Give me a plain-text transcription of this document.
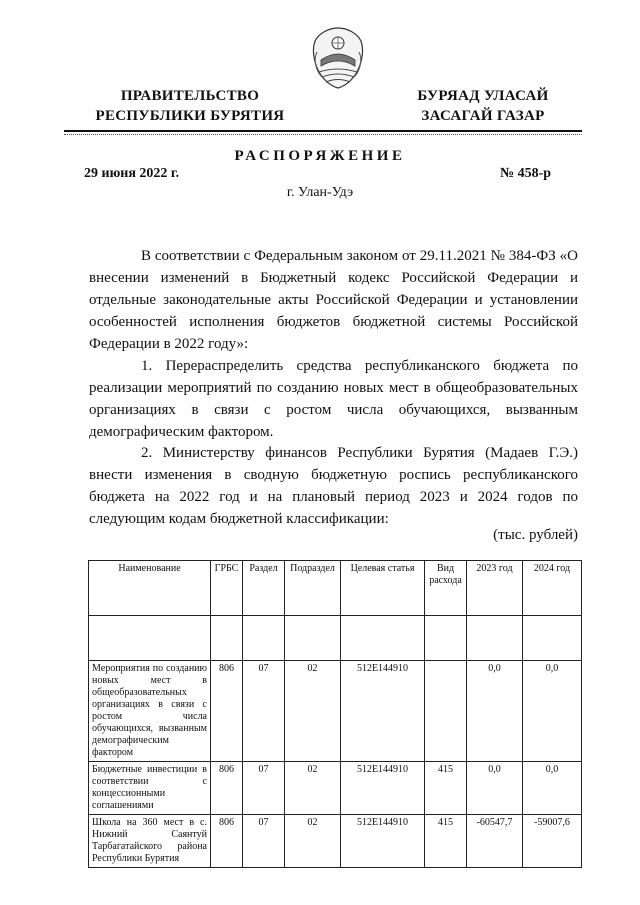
ПРАВИТЕЛЬСТВО
РЕСПУБЛИКИ БУРЯТИЯ
БУРЯАД УЛАСАЙ
ЗАСАГАЙ ГАЗАР
РАСПОРЯЖЕНИЕ
29 июня 2022 г.	№ 458-р
г. Улан-Удэ

В соответствии с Федеральным законом от 29.11.2021 № 384-ФЗ «О внесении изменений в Бюджетный кодекс Российской Федерации и отдельные законодательные акты Российской Федерации и установлении особенностей исполнения бюджетов бюджетной системы Российской Федерации в 2022 году»:

1. Перераспределить средства республиканского бюджета по реализации мероприятий по созданию новых мест в общеобразовательных организациях в связи с ростом числа обучающихся, вызванным демографическим фактором.

2. Министерству финансов Республики Бурятия (Мадаев Г.Э.) внести изменения в сводную бюджетную роспись республиканского бюджета на 2022 год и на плановый период 2023 и 2024 годов по следующим кодам бюджетной классификации:

(тыс. рублей)
Наименование	ГРБС	Раздел	Подраздел	Целевая статья	Вид расхода	2023 год	2024 год

Мероприятия по созданию новых мест в общеобразовательных организациях в связи с ростом числа обучающихся, вызванным демографическим фактором	806	07	02	512Е144910		0,0	0,0
Бюджетные инвестиции в соответствии с концессионными соглашениями	806	07	02	512Е144910	415	0,0	0,0
Школа на 360 мест в с. Нижний Саянтуй Тарбагатайского района Республики Бурятия	806	07	02	512Е144910	415	-60547,7	-59007,6
